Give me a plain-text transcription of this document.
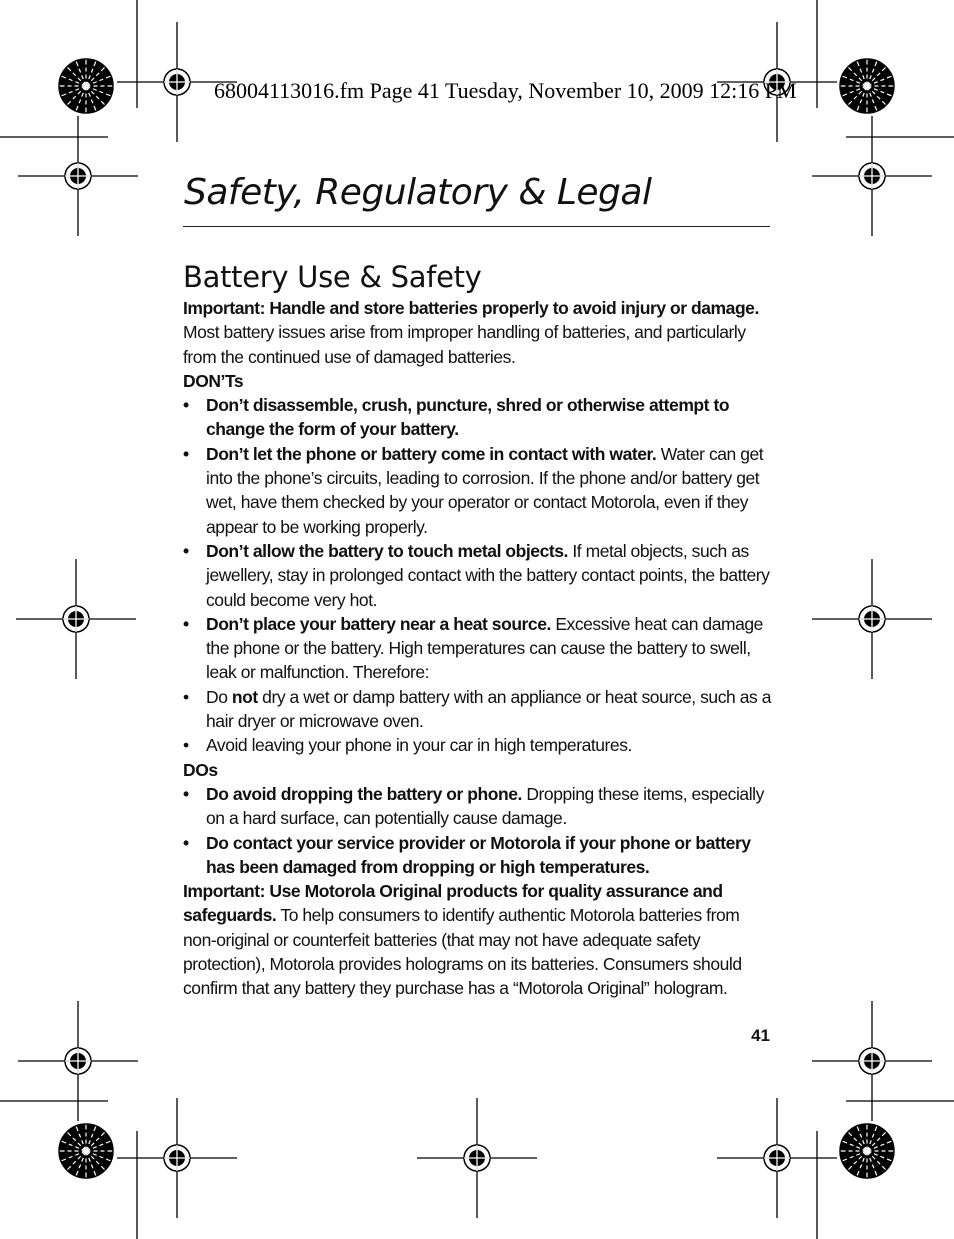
68004113016.fm Page 41 Tuesday, November 10, 2009 12:16 PM
Safety, Regulatory & Legal
Battery Use & Safety

Important: Handle and store batteries properly to avoid injury or damage. Most battery issues arise from improper handling of batteries, and particularly from the continued use of damaged batteries.

DON’Ts

• Don’t disassemble, crush, puncture, shred or otherwise attempt to change the form of your battery.
• Don’t let the phone or battery come in contact with water. Water can get into the phone’s circuits, leading to corrosion. If the phone and/or battery get wet, have them checked by your operator or contact Motorola, even if they appear to be working properly.
• Don’t allow the battery to touch metal objects. If metal objects, such as jewellery, stay in prolonged contact with the battery contact points, the battery could become very hot.
• Don’t place your battery near a heat source. Excessive heat can damage the phone or the battery. High temperatures can cause the battery to swell, leak or malfunction. Therefore:
• Do not dry a wet or damp battery with an appliance or heat source, such as a hair dryer or microwave oven.
• Avoid leaving your phone in your car in high temperatures.

DOs

• Do avoid dropping the battery or phone. Dropping these items, especially on a hard surface, can potentially cause damage.
• Do contact your service provider or Motorola if your phone or battery has been damaged from dropping or high temperatures.

Important: Use Motorola Original products for quality assurance and safeguards. To help consumers to identify authentic Motorola batteries from non-original or counterfeit batteries (that may not have adequate safety protection), Motorola provides holograms on its batteries. Consumers should confirm that any battery they purchase has a “Motorola Original” hologram.

41
